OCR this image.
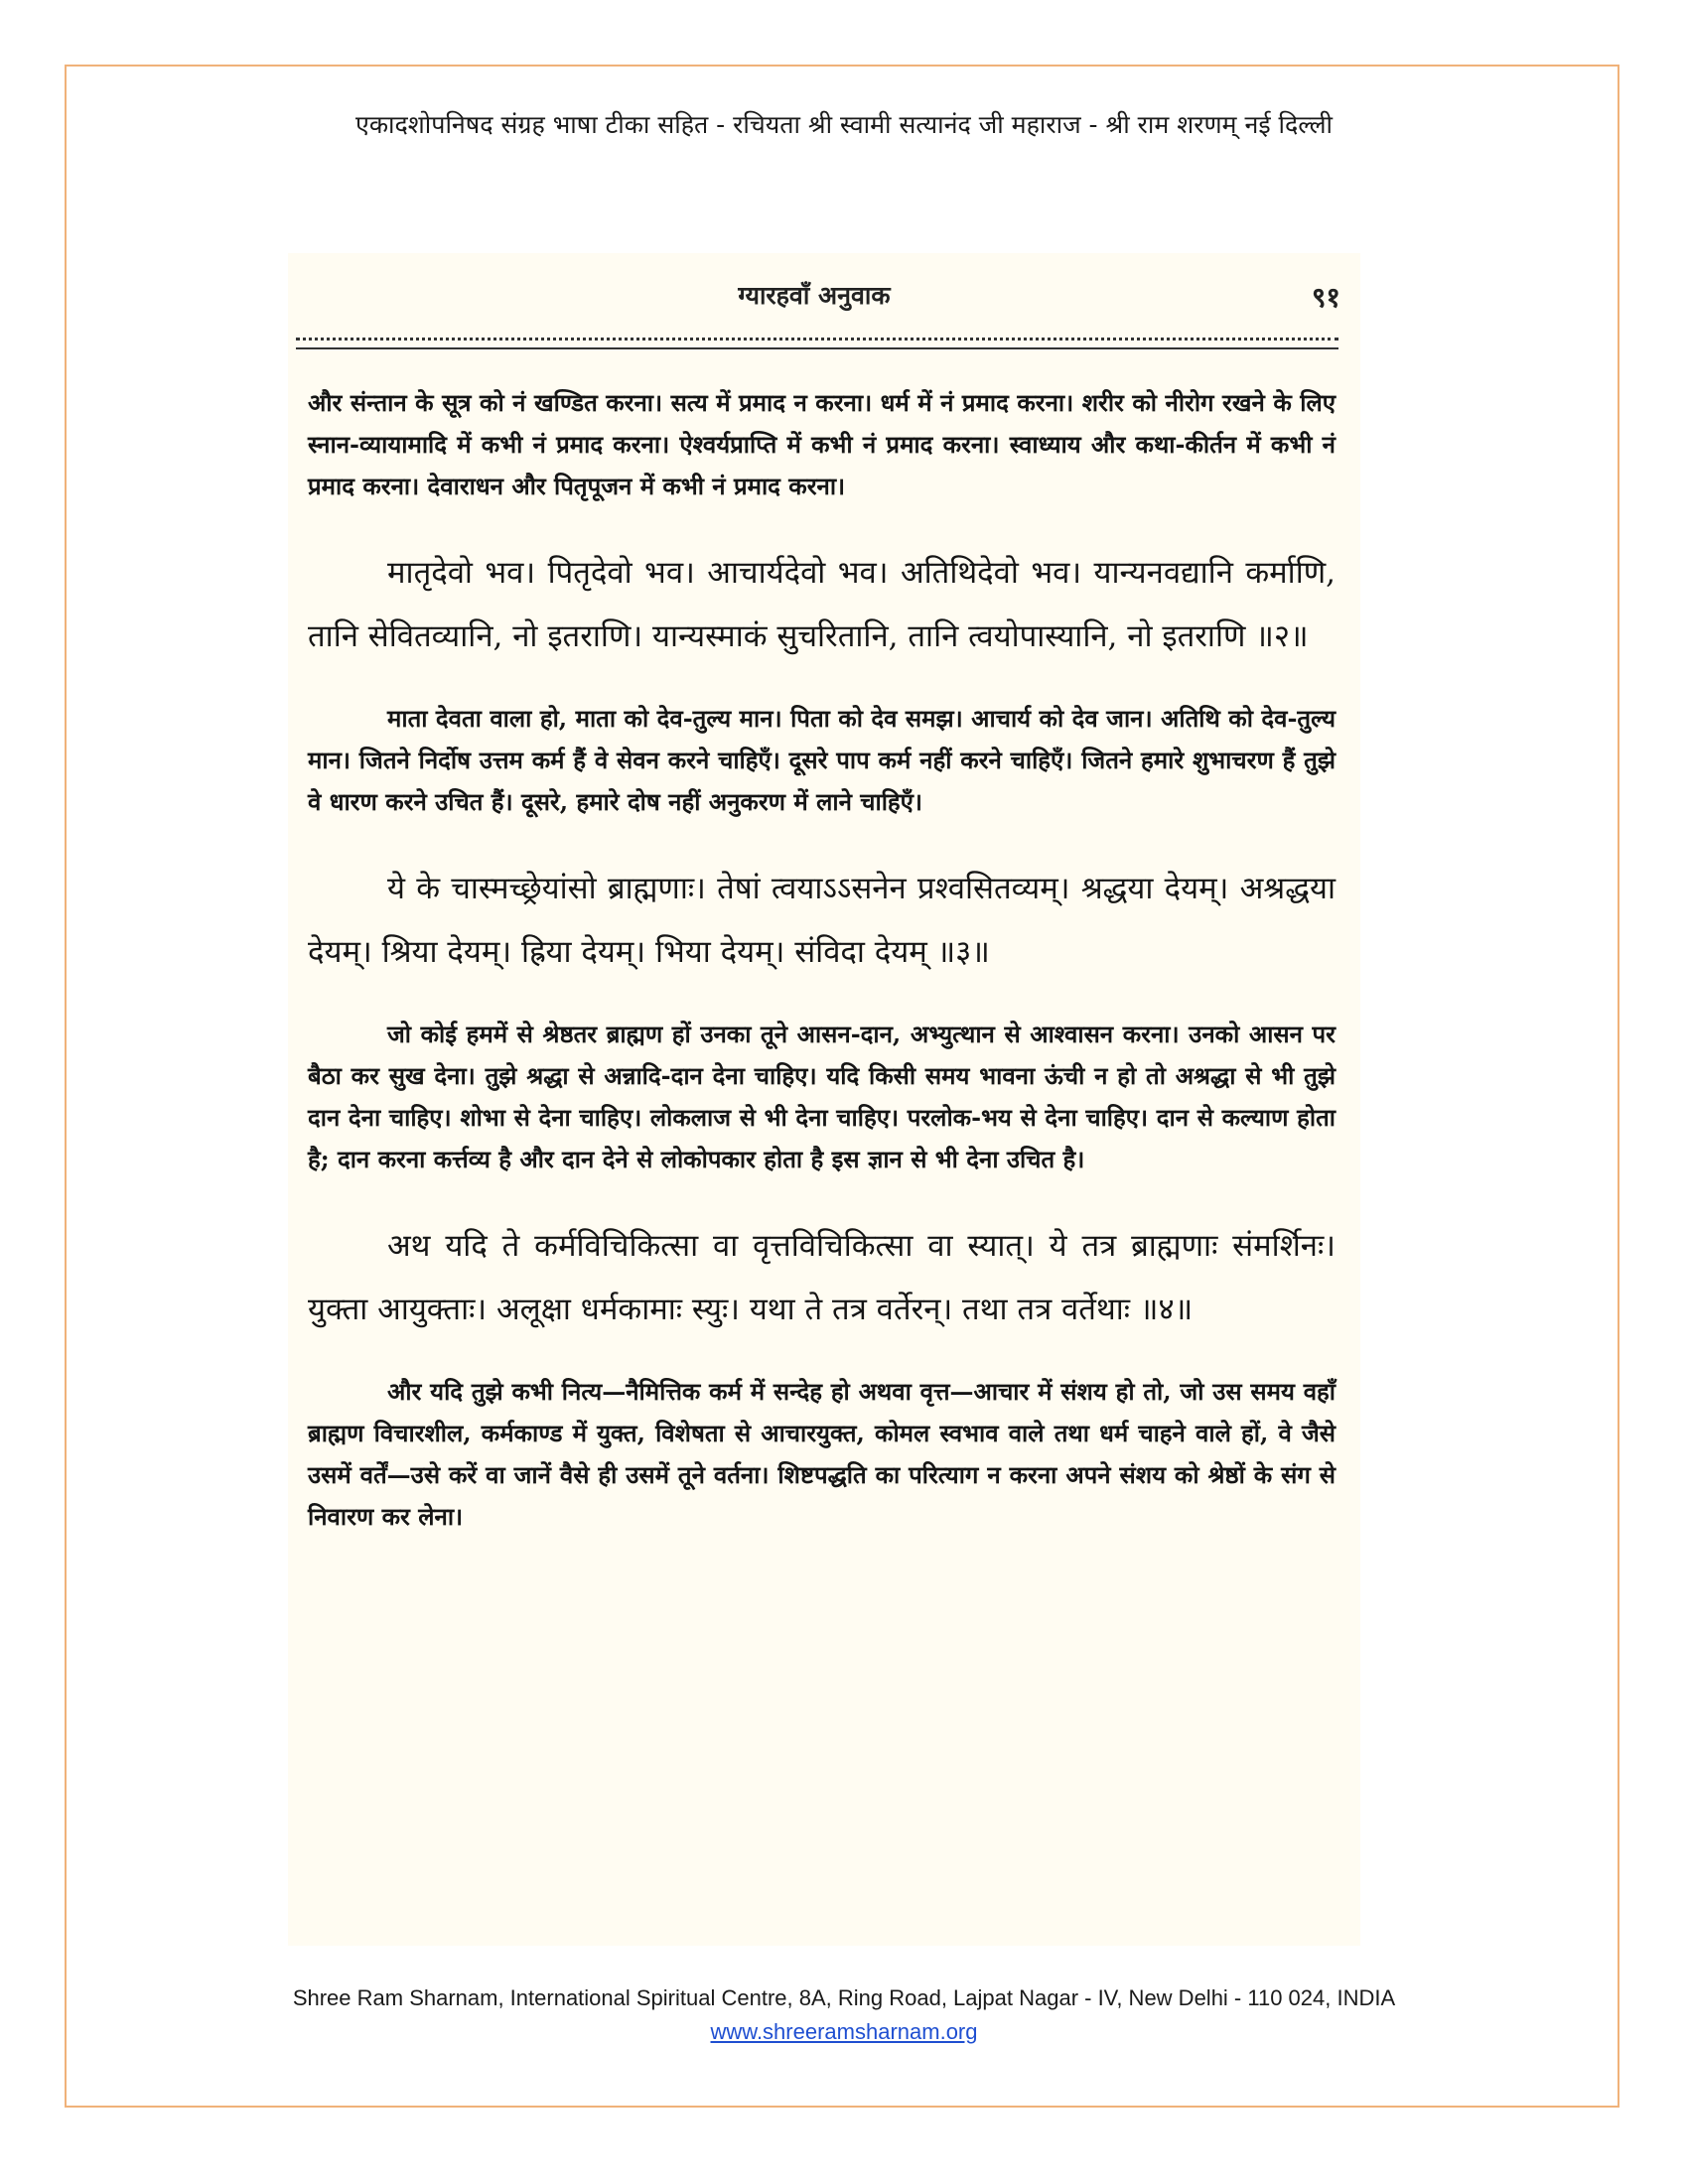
एकादशोपनिषद संग्रह भाषा टीका सहित - रचियता श्री स्वामी सत्यानंद जी महाराज - श्री राम शरणम् नई दिल्ली
ग्यारहवाँ अनुवाक	९१

और संन्तान के सूत्र को नं खण्डित करना। सत्य में प्रमाद न करना। धर्म में नं प्रमाद करना। शरीर को नीरोग रखने के लिए स्नान-व्यायामादि में कभी नं प्रमाद करना। ऐश्वर्यप्राप्ति में कभी नं प्रमाद करना। स्वाध्याय और कथा-कीर्तन में कभी नं प्रमाद करना। देवाराधन और पितृपूजन में कभी नं प्रमाद करना।

मातृदेवो भव। पितृदेवो भव। आचार्यदेवो भव। अतिथिदेवो भव। यान्यनवद्यानि कर्माणि, तानि सेवितव्यानि, नो इतराणि। यान्यस्माकं सुचरितानि, तानि त्वयोपास्यानि, नो इतराणि ॥२॥

माता देवता वाला हो, माता को देव-तुल्य मान। पिता को देव समझ। आचार्य को देव जान। अतिथि को देव-तुल्य मान। जितने निर्दोष उत्तम कर्म हैं वे सेवन करने चाहिएँ। दूसरे पाप कर्म नहीं करने चाहिएँ। जितने हमारे शुभाचरण हैं तुझे वे धारण करने उचित हैं। दूसरे, हमारे दोष नहीं अनुकरण में लाने चाहिएँ।

ये के चास्मच्छ्रेयांसो ब्राह्मणाः। तेषां त्वयाऽऽसनेन प्रश्वसितव्यम्। श्रद्धया देयम्। अश्रद्धया देयम्। श्रिया देयम्। ह्रिया देयम्। भिया देयम्। संविदा देयम् ॥३॥

जो कोई हममें से श्रेष्ठतर ब्राह्मण हों उनका तूने आसन-दान, अभ्युत्थान से आश्वासन करना। उनको आसन पर बैठा कर सुख देना। तुझे श्रद्धा से अन्नादि-दान देना चाहिए। यदि किसी समय भावना ऊंची न हो तो अश्रद्धा से भी तुझे दान देना चाहिए। शोभा से देना चाहिए। लोकलाज से भी देना चाहिए। परलोक-भय से देना चाहिए। दान से कल्याण होता है; दान करना कर्त्तव्य है और दान देने से लोकोपकार होता है इस ज्ञान से भी देना उचित है।

अथ यदि ते कर्मविचिकित्सा वा वृत्तविचिकित्सा वा स्यात्। ये तत्र ब्राह्मणाः संमर्शिनः। युक्ता आयुक्ताः। अलूक्षा धर्मकामाः स्युः। यथा ते तत्र वर्तेरन्। तथा तत्र वर्तेथाः ॥४॥

और यदि तुझे कभी नित्य—नैमित्तिक कर्म में सन्देह हो अथवा वृत्त—आचार में संशय हो तो, जो उस समय वहाँ ब्राह्मण विचारशील, कर्मकाण्ड में युक्त, विशेषता से आचारयुक्त, कोमल स्वभाव वाले तथा धर्म चाहने वाले हों, वे जैसे उसमें वर्तें—उसे करें वा जानें वैसे ही उसमें तूने वर्तना। शिष्टपद्धति का परित्याग न करना अपने संशय को श्रेष्ठों के संग से निवारण कर लेना।

Shree Ram Sharnam, International Spiritual Centre, 8A, Ring Road, Lajpat Nagar - IV, New Delhi - 110 024, INDIA
www.shreeramsharnam.org
